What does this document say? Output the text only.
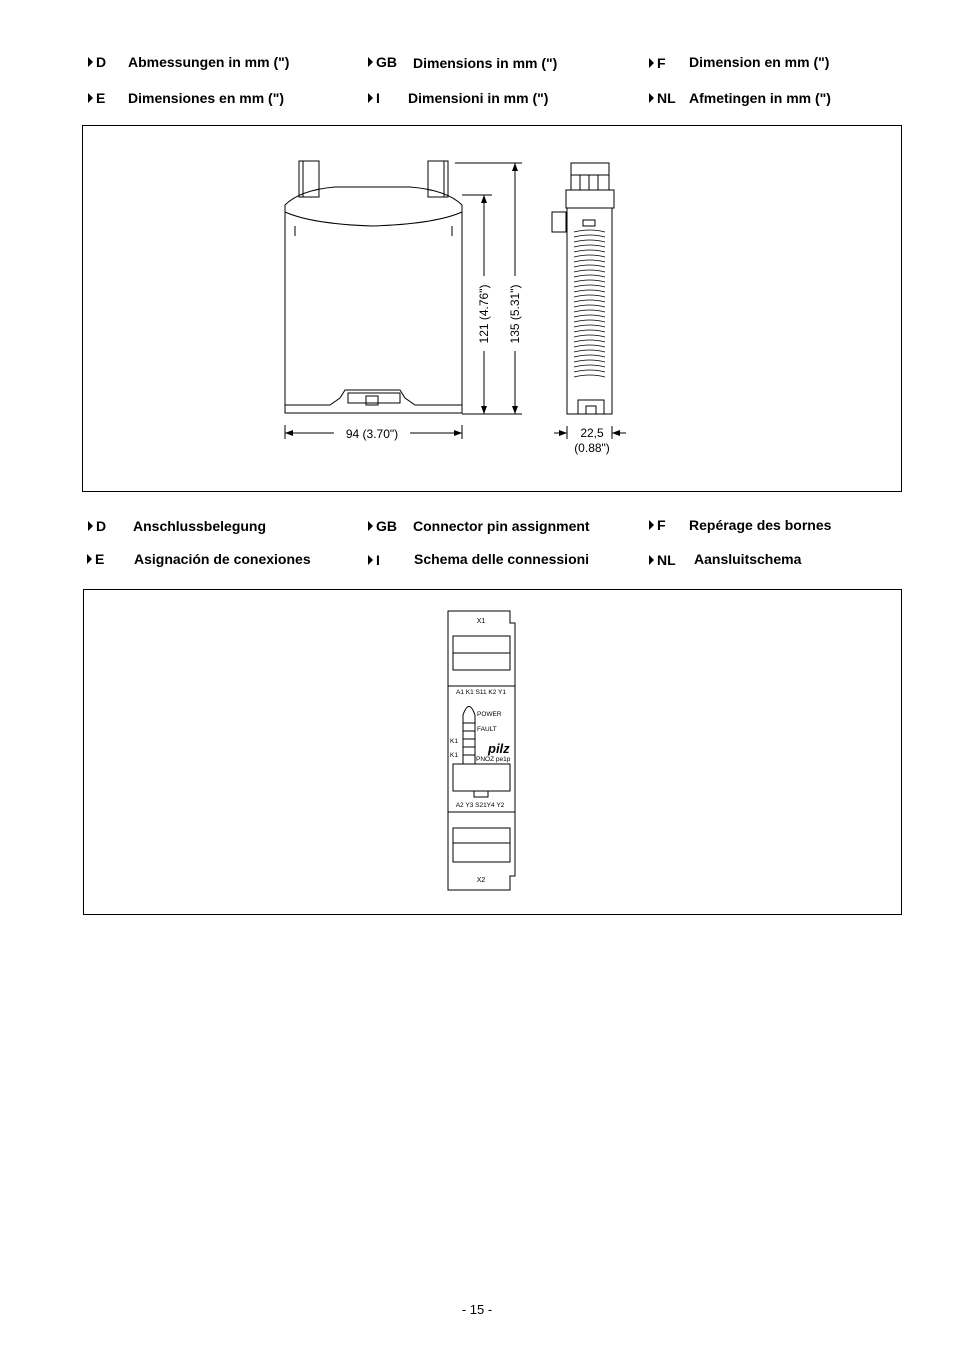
D Abmessungen in mm (")	GB Dimensions in mm (")	F Dimension en mm (")
E Dimensiones en mm (")	I Dimensioni in mm (")	NL Afmetingen in mm (")
121 (4.76") 135 (5.31")
94 (3.70")	22,5
(0.88")
D Anschlussbelegung	GB Connector pin assignment	F Repérage des bornes
E Asignación de conexiones	I Schema delle connessioni	NL Aansluitschema
X1
A1 K1 S11 K2 Y1
POWER
FAULT
K1
K1 pilz
PNOZ pe1p
A2 Y3 S21Y4 Y2
X2
- 15 -
